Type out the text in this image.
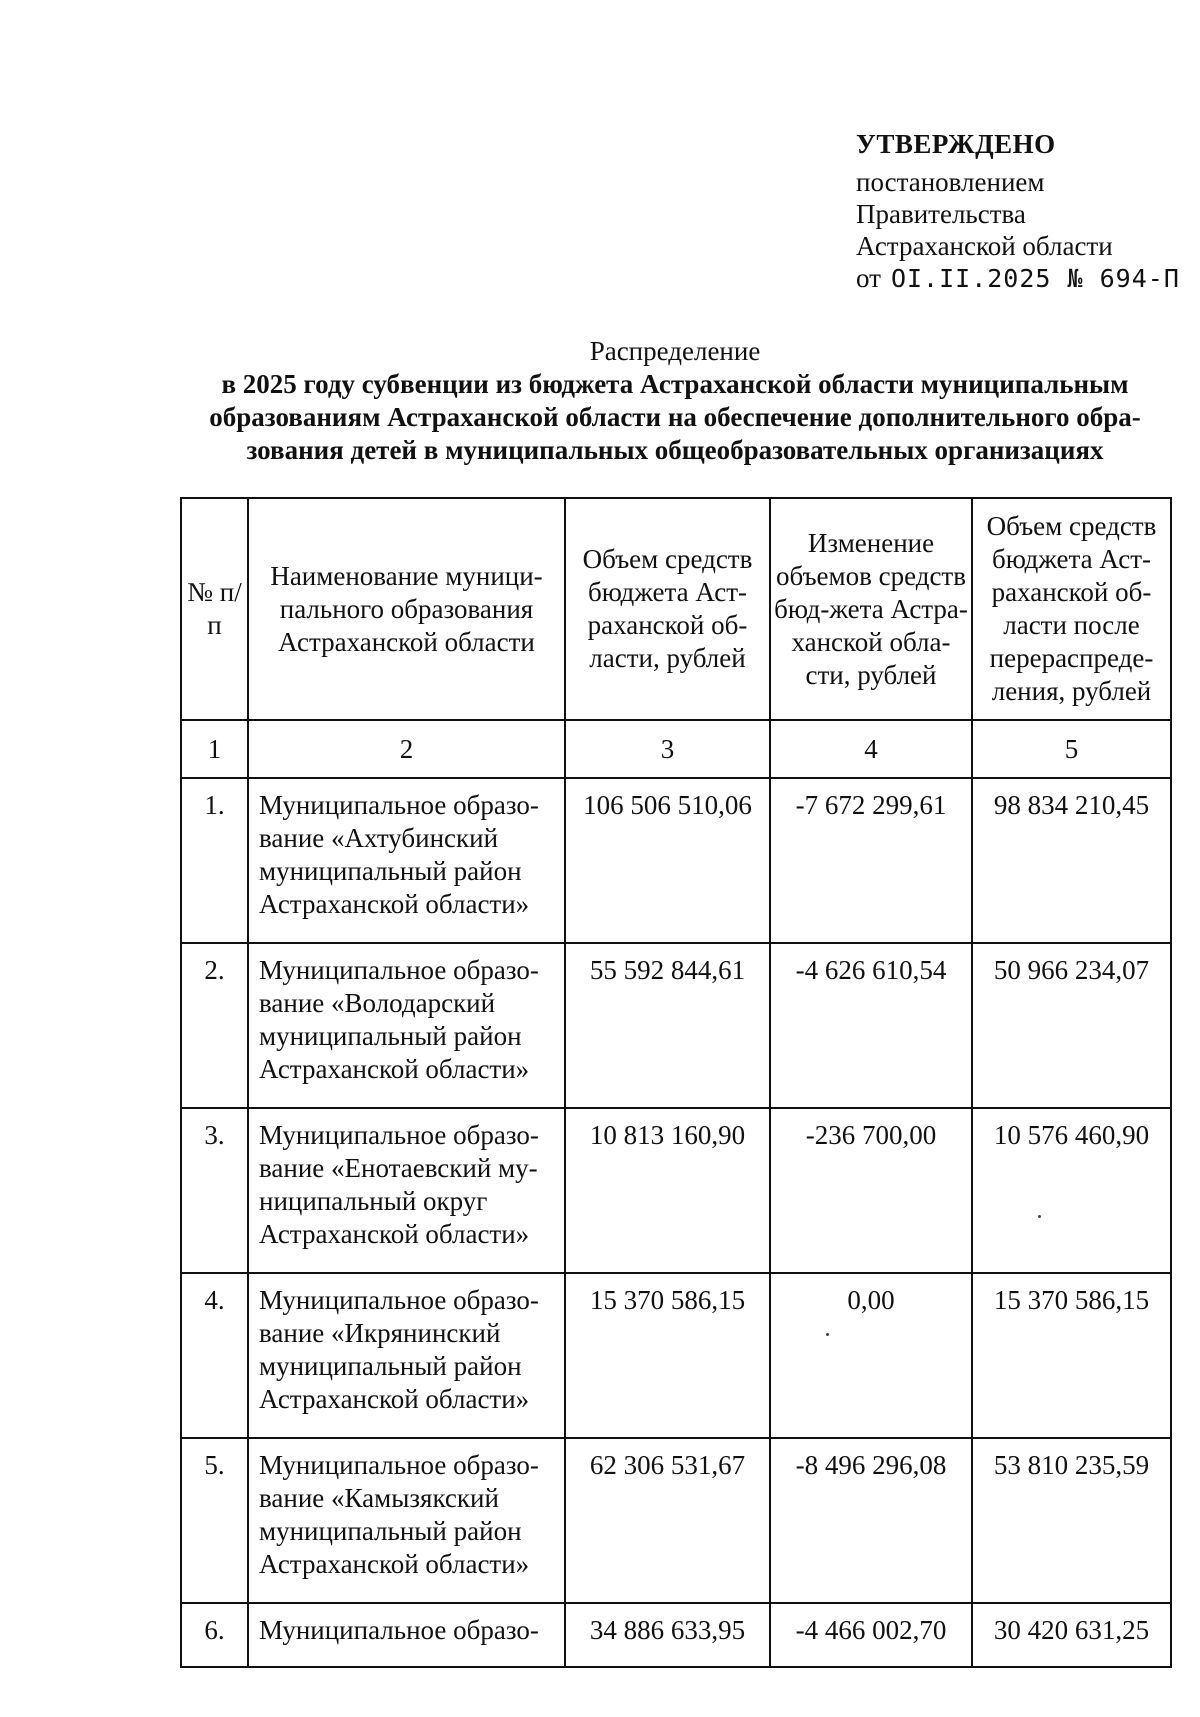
УТВЕРЖДЕНО
постановлением
Правительства
Астраханской области
от OI.II.2025 № 694-П
Распределение
в 2025 году субвенции из бюджета Астраханской области муниципальным
образованиям Астраханской области на обеспечение дополнительного обра-
зования детей в муниципальных общеобразовательных организациях
№ п/п	Наименование муници-пального образования Астраханской области	Объем средств бюджета Аст-раханской об-ласти, рублей	Изменение объемов средств бюд-жета Астра-ханской обла-сти, рублей	Объем средств бюджета Аст-раханской об-ласти после перераспреде-ления, рублей
1	2	3	4	5
1.	Муниципальное образо-вание «Ахтубинский муниципальный район Астраханской области»	106 506 510,06	-7 672 299,61	98 834 210,45
2.	Муниципальное образо-вание «Володарский муниципальный район Астраханской области»	55 592 844,61	-4 626 610,54	50 966 234,07
3.	Муниципальное образо-вание «Енотаевский му-ниципальный округ Астраханской области»	10 813 160,90	-236 700,00	10 576 460,90
4.	Муниципальное образо-вание «Икрянинский муниципальный район Астраханской области»	15 370 586,15	0,00	15 370 586,15
5.	Муниципальное образо-вание «Камызякский муниципальный район Астраханской области»	62 306 531,67	-8 496 296,08	53 810 235,59
6.	Муниципальное образо-	34 886 633,95	-4 466 002,70	30 420 631,25
